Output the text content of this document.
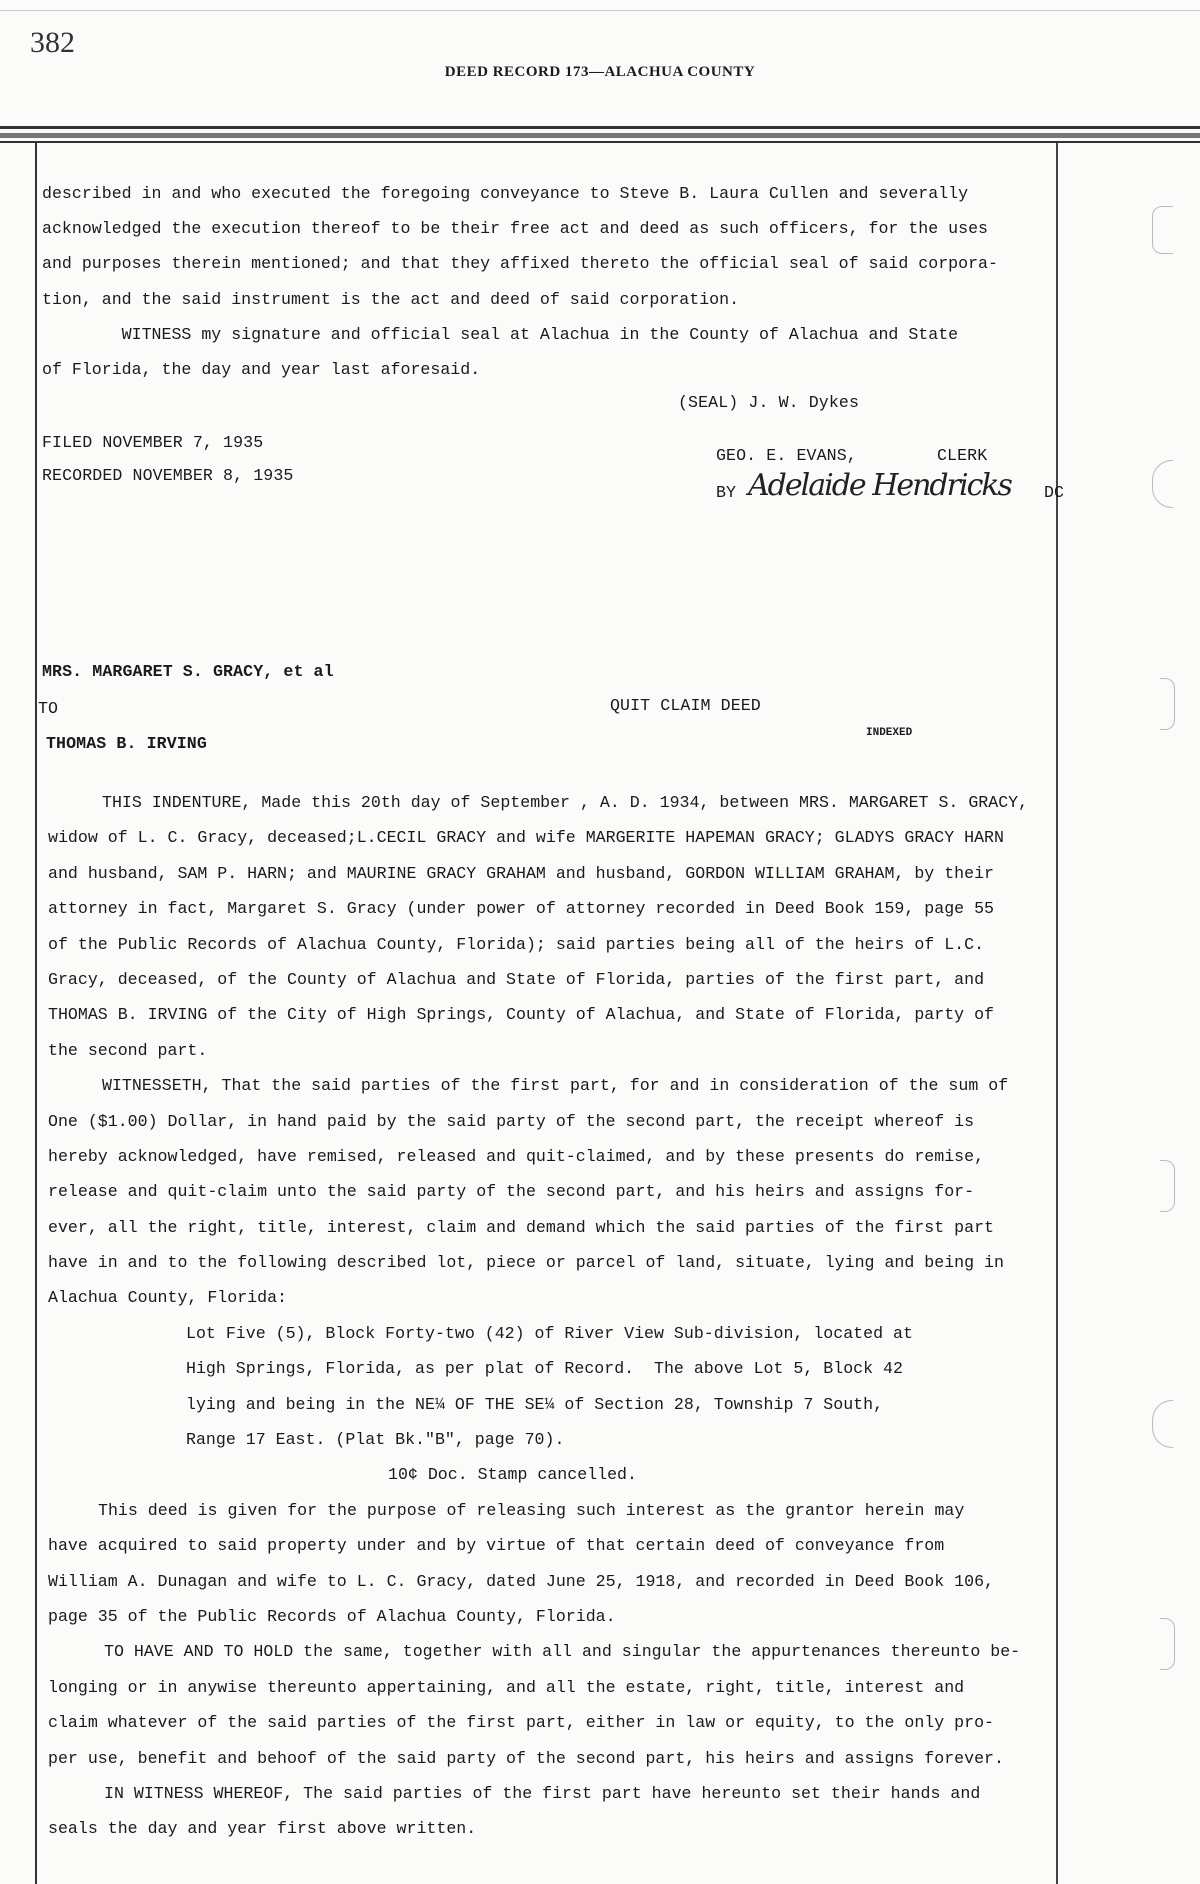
382
DEED RECORD 173—ALACHUA COUNTY
described in and who executed the foregoing conveyance to Steve B. Laura Cullen and severally
acknowledged the execution thereof to be their free act and deed as such officers, for the uses
and purposes therein mentioned; and that they affixed thereto the official seal of said corpora-
tion, and the said instrument is the act and deed of said corporation.
WITNESS my signature and official seal at Alachua in the County of Alachua and State
of Florida, the day and year last aforesaid.
(SEAL) J. W. Dykes
FILED NOVEMBER 7, 1935
RECORDED NOVEMBER 8, 1935
GEO. E. EVANS,	CLERK
BY Adelaide Hendricks DC
MRS. MARGARET S. GRACY, et al
TO
THOMAS B. IRVING
QUIT CLAIM DEED
INDEXED
THIS INDENTURE, Made this 20th day of September , A. D. 1934, between MRS. MARGARET S. GRACY,
widow of L. C. Gracy, deceased;L.CECIL GRACY and wife MARGERITE HAPEMAN GRACY; GLADYS GRACY HARN
and husband, SAM P. HARN; and MAURINE GRACY GRAHAM and husband, GORDON WILLIAM GRAHAM, by their
attorney in fact, Margaret S. Gracy (under power of attorney recorded in Deed Book 159, page 55
of the Public Records of Alachua County, Florida); said parties being all of the heirs of L.C.
Gracy, deceased, of the County of Alachua and State of Florida, parties of the first part, and
THOMAS B. IRVING of the City of High Springs, County of Alachua, and State of Florida, party of
the second part.
WITNESSETH, That the said parties of the first part, for and in consideration of the sum of
One ($1.00) Dollar, in hand paid by the said party of the second part, the receipt whereof is
hereby acknowledged, have remised, released and quit-claimed, and by these presents do remise,
release and quit-claim unto the said party of the second part, and his heirs and assigns for-
ever, all the right, title, interest, claim and demand which the said parties of the first part
have in and to the following described lot, piece or parcel of land, situate, lying and being in
Alachua County, Florida:
Lot Five (5), Block Forty-two (42) of River View Sub-division, located at
High Springs, Florida, as per plat of Record.  The above Lot 5, Block 42
lying and being in the NE¼ OF THE SE¼ of Section 28, Township 7 South,
Range 17 East. (Plat Bk."B", page 70).
10¢ Doc. Stamp cancelled.
This deed is given for the purpose of releasing such interest as the grantor herein may
have acquired to said property under and by virtue of that certain deed of conveyance from
William A. Dunagan and wife to L. C. Gracy, dated June 25, 1918, and recorded in Deed Book 106,
page 35 of the Public Records of Alachua County, Florida.
TO HAVE AND TO HOLD the same, together with all and singular the appurtenances thereunto be-
longing or in anywise thereunto appertaining, and all the estate, right, title, interest and
claim whatever of the said parties of the first part, either in law or equity, to the only pro-
per use, benefit and behoof of the said party of the second part, his heirs and assigns forever.
IN WITNESS WHEREOF, The said parties of the first part have hereunto set their hands and
seals the day and year first above written.
